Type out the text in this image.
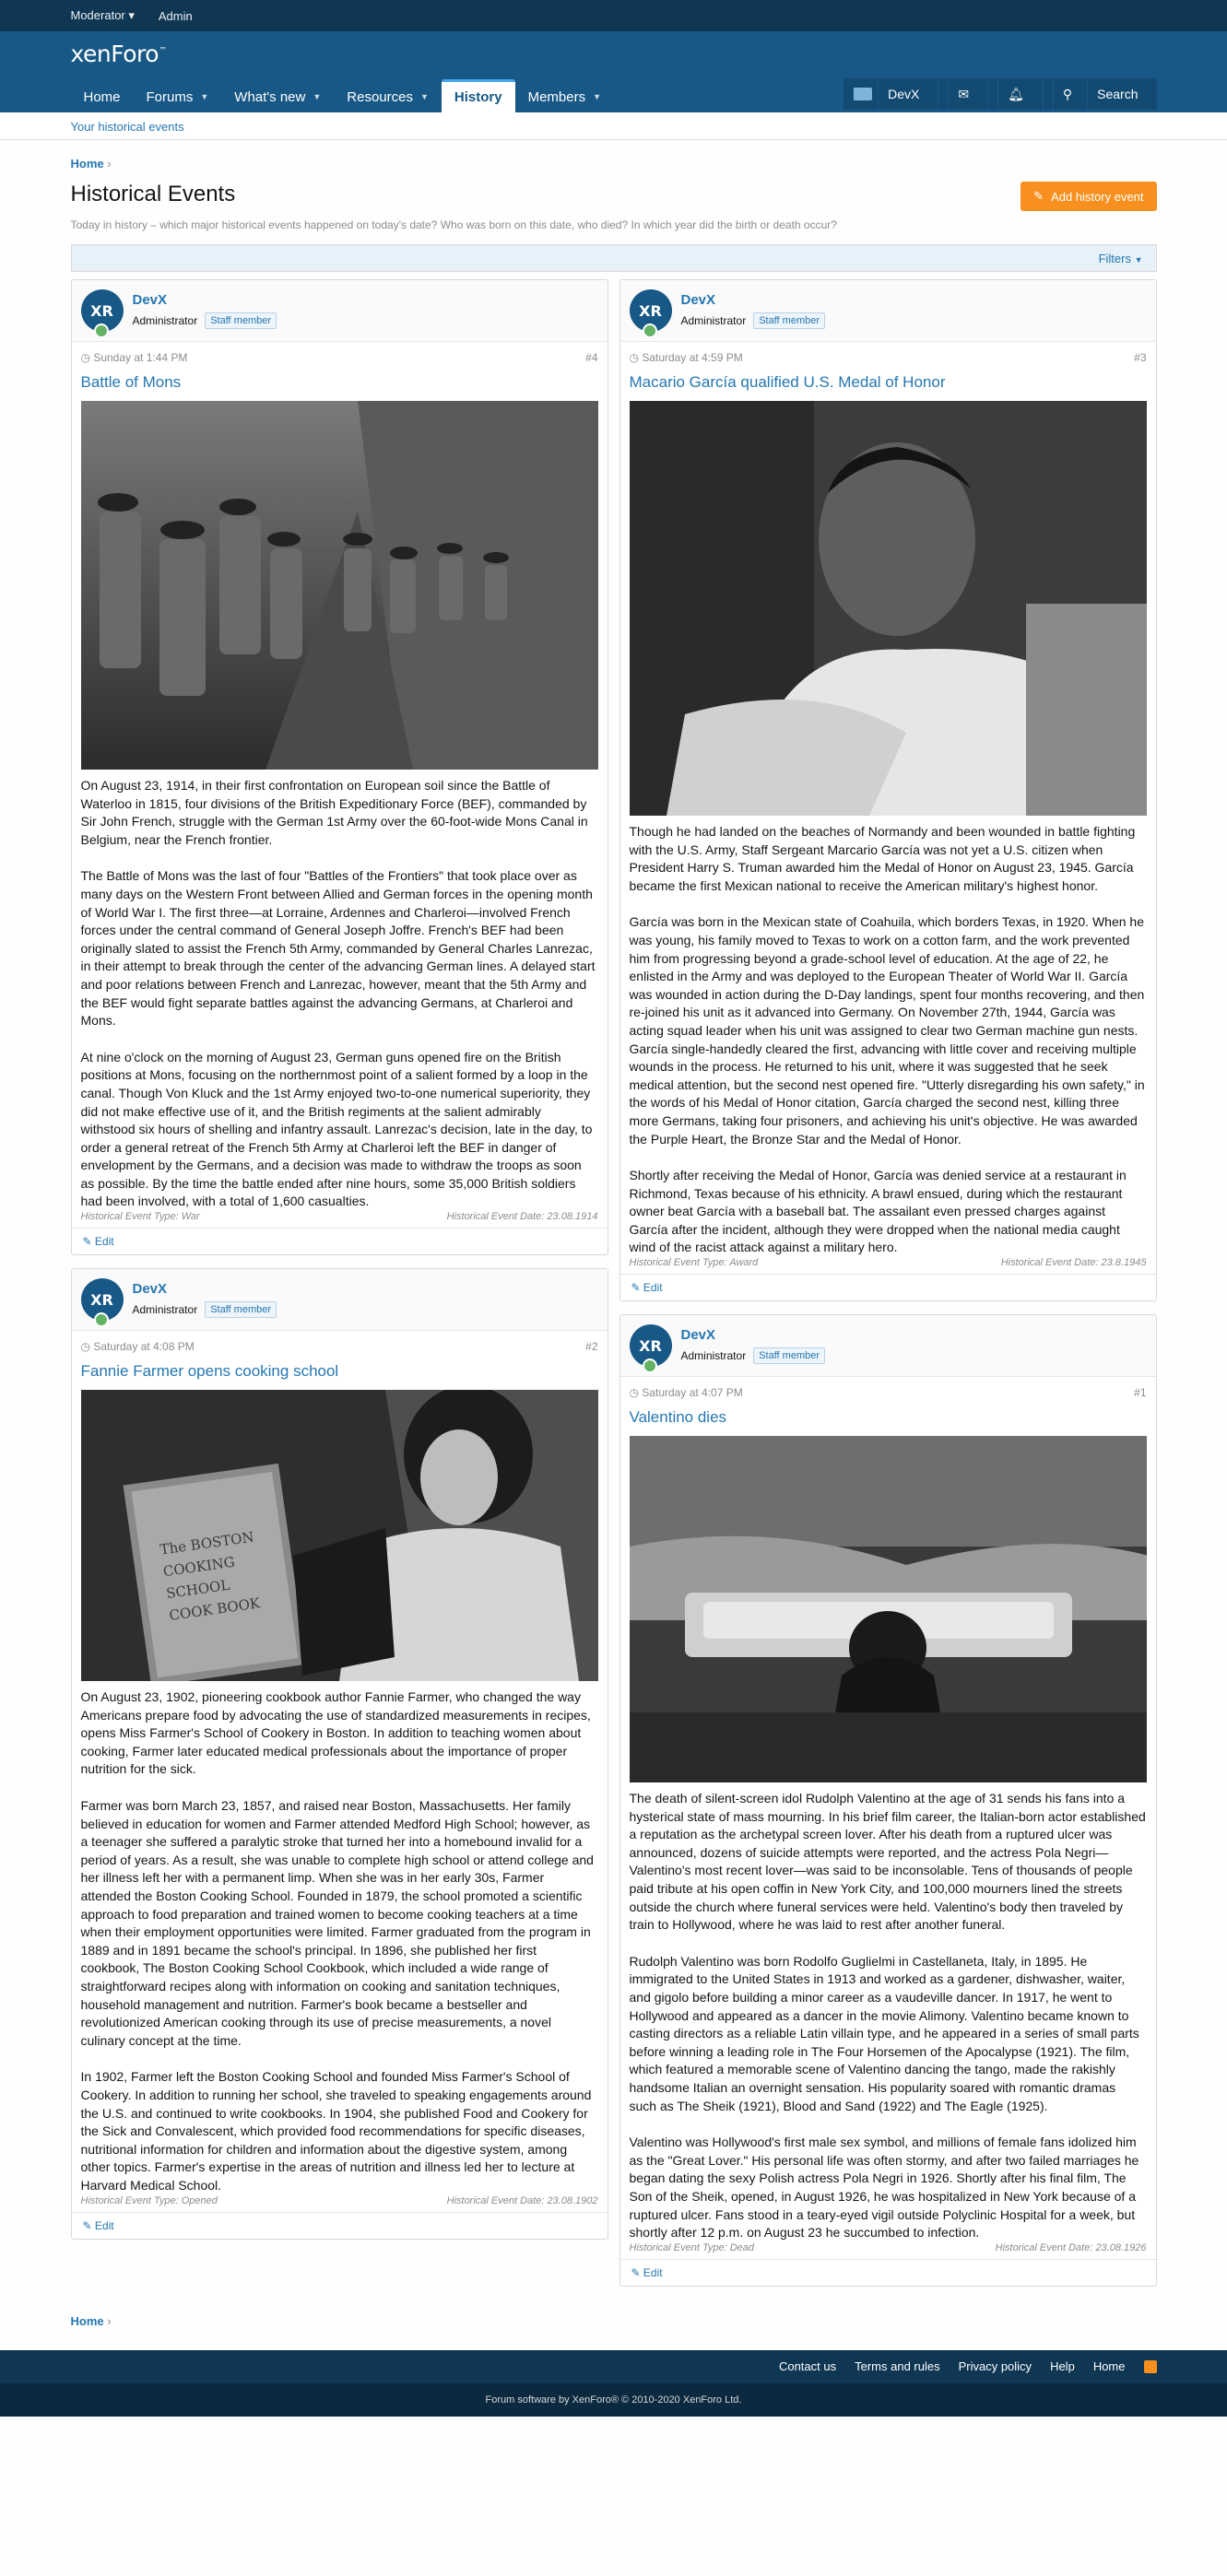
Moderator ▾ Admin
xenForo™
Home Forums ▼ What's new ▼ Resources ▼ History Members ▼	DevX	✉	🔔︎	⚲	Search
Your historical events
Home ›
Historical Events	✎ Add history event
Today in history – which major historical events happened on today's date? Who was born on this date, who died? In which year did the birth or death occur?
Filters ▼
XR
DevX
Administrator	Staff member
◷ Sunday at 1:44 PM	#4
Battle of Mons

On August 23, 1914, in their first confrontation on European soil since the Battle of Waterloo in 1815, four divisions of the British Expeditionary Force (BEF), commanded by Sir John French, struggle with the German 1st Army over the 60-foot-wide Mons Canal in Belgium, near the French frontier.

The Battle of Mons was the last of four "Battles of the Frontiers" that took place over as many days on the Western Front between Allied and German forces in the opening month of World War I. The first three—at Lorraine, Ardennes and Charleroi—involved French forces under the central command of General Joseph Joffre. French's BEF had been originally slated to assist the French 5th Army, commanded by General Charles Lanrezac, in their attempt to break through the center of the advancing German lines. A delayed start and poor relations between French and Lanrezac, however, meant that the 5th Army and the BEF would fight separate battles against the advancing Germans, at Charleroi and Mons.

At nine o'clock on the morning of August 23, German guns opened fire on the British positions at Mons, focusing on the northernmost point of a salient formed by a loop in the canal. Though Von Kluck and the 1st Army enjoyed two-to-one numerical superiority, they did not make effective use of it, and the British regiments at the salient admirably withstood six hours of shelling and infantry assault. Lanrezac's decision, late in the day, to order a general retreat of the French 5th Army at Charleroi left the BEF in danger of envelopment by the Germans, and a decision was made to withdraw the troops as soon as possible. By the time the battle ended after nine hours, some 35,000 British soldiers had been involved, with a total of 1,600 casualties.

Historical Event Type: War	Historical Event Date: 23.08.1914
✎ Edit
XR
DevX
Administrator	Staff member
◷ Saturday at 4:08 PM	#2
Fannie Farmer opens cooking school
The BOSTONCOOKINGSCHOOLCOOK BOOK

On August 23, 1902, pioneering cookbook author Fannie Farmer, who changed the way Americans prepare food by advocating the use of standardized measurements in recipes, opens Miss Farmer's School of Cookery in Boston. In addition to teaching women about cooking, Farmer later educated medical professionals about the importance of proper nutrition for the sick.

Farmer was born March 23, 1857, and raised near Boston, Massachusetts. Her family believed in education for women and Farmer attended Medford High School; however, as a teenager she suffered a paralytic stroke that turned her into a homebound invalid for a period of years. As a result, she was unable to complete high school or attend college and her illness left her with a permanent limp. When she was in her early 30s, Farmer attended the Boston Cooking School. Founded in 1879, the school promoted a scientific approach to food preparation and trained women to become cooking teachers at a time when their employment opportunities were limited. Farmer graduated from the program in 1889 and in 1891 became the school's principal. In 1896, she published her first cookbook, The Boston Cooking School Cookbook, which included a wide range of straightforward recipes along with information on cooking and sanitation techniques, household management and nutrition. Farmer's book became a bestseller and revolutionized American cooking through its use of precise measurements, a novel culinary concept at the time.

In 1902, Farmer left the Boston Cooking School and founded Miss Farmer's School of Cookery. In addition to running her school, she traveled to speaking engagements around the U.S. and continued to write cookbooks. In 1904, she published Food and Cookery for the Sick and Convalescent, which provided food recommendations for specific diseases, nutritional information for children and information about the digestive system, among other topics. Farmer's expertise in the areas of nutrition and illness led her to lecture at Harvard Medical School.

Historical Event Type: Opened	Historical Event Date: 23.08.1902
✎ Edit
XR
DevX
Administrator	Staff member
◷ Saturday at 4:59 PM	#3
Macario García qualified U.S. Medal of Honor

Though he had landed on the beaches of Normandy and been wounded in battle fighting with the U.S. Army, Staff Sergeant Marcario García was not yet a U.S. citizen when President Harry S. Truman awarded him the Medal of Honor on August 23, 1945. García became the first Mexican national to receive the American military's highest honor.

García was born in the Mexican state of Coahuila, which borders Texas, in 1920. When he was young, his family moved to Texas to work on a cotton farm, and the work prevented him from progressing beyond a grade-school level of education. At the age of 22, he enlisted in the Army and was deployed to the European Theater of World War II. García was wounded in action during the D-Day landings, spent four months recovering, and then re-joined his unit as it advanced into Germany. On November 27th, 1944, García was acting squad leader when his unit was assigned to clear two German machine gun nests. García single-handedly cleared the first, advancing with little cover and receiving multiple wounds in the process. He returned to his unit, where it was suggested that he seek medical attention, but the second nest opened fire. "Utterly disregarding his own safety," in the words of his Medal of Honor citation, García charged the second nest, killing three more Germans, taking four prisoners, and achieving his unit's objective. He was awarded the Purple Heart, the Bronze Star and the Medal of Honor.

Shortly after receiving the Medal of Honor, García was denied service at a restaurant in Richmond, Texas because of his ethnicity. A brawl ensued, during which the restaurant owner beat García with a baseball bat. The assailant even pressed charges against García after the incident, although they were dropped when the national media caught wind of the racist attack against a military hero.

Historical Event Type: Award	Historical Event Date: 23.8.1945
✎ Edit
XR
DevX
Administrator	Staff member
◷ Saturday at 4:07 PM	#1
Valentino dies

The death of silent-screen idol Rudolph Valentino at the age of 31 sends his fans into a hysterical state of mass mourning. In his brief film career, the Italian-born actor established a reputation as the archetypal screen lover. After his death from a ruptured ulcer was announced, dozens of suicide attempts were reported, and the actress Pola Negri—Valentino's most recent lover—was said to be inconsolable. Tens of thousands of people paid tribute at his open coffin in New York City, and 100,000 mourners lined the streets outside the church where funeral services were held. Valentino's body then traveled by train to Hollywood, where he was laid to rest after another funeral.

Rudolph Valentino was born Rodolfo Guglielmi in Castellaneta, Italy, in 1895. He immigrated to the United States in 1913 and worked as a gardener, dishwasher, waiter, and gigolo before building a minor career as a vaudeville dancer. In 1917, he went to Hollywood and appeared as a dancer in the movie Alimony. Valentino became known to casting directors as a reliable Latin villain type, and he appeared in a series of small parts before winning a leading role in The Four Horsemen of the Apocalypse (1921). The film, which featured a memorable scene of Valentino dancing the tango, made the rakishly handsome Italian an overnight sensation. His popularity soared with romantic dramas such as The Sheik (1921), Blood and Sand (1922) and The Eagle (1925).

Valentino was Hollywood's first male sex symbol, and millions of female fans idolized him as the "Great Lover." His personal life was often stormy, and after two failed marriages he began dating the sexy Polish actress Pola Negri in 1926. Shortly after his final film, The Son of the Sheik, opened, in August 1926, he was hospitalized in New York because of a ruptured ulcer. Fans stood in a teary-eyed vigil outside Polyclinic Hospital for a week, but shortly after 12 p.m. on August 23 he succumbed to infection.

Historical Event Type: Dead	Historical Event Date: 23.08.1926
✎ Edit
Home ›
Contact us Terms and rules Privacy policy Help Home
Forum software by XenForo® © 2010-2020 XenForo Ltd.
